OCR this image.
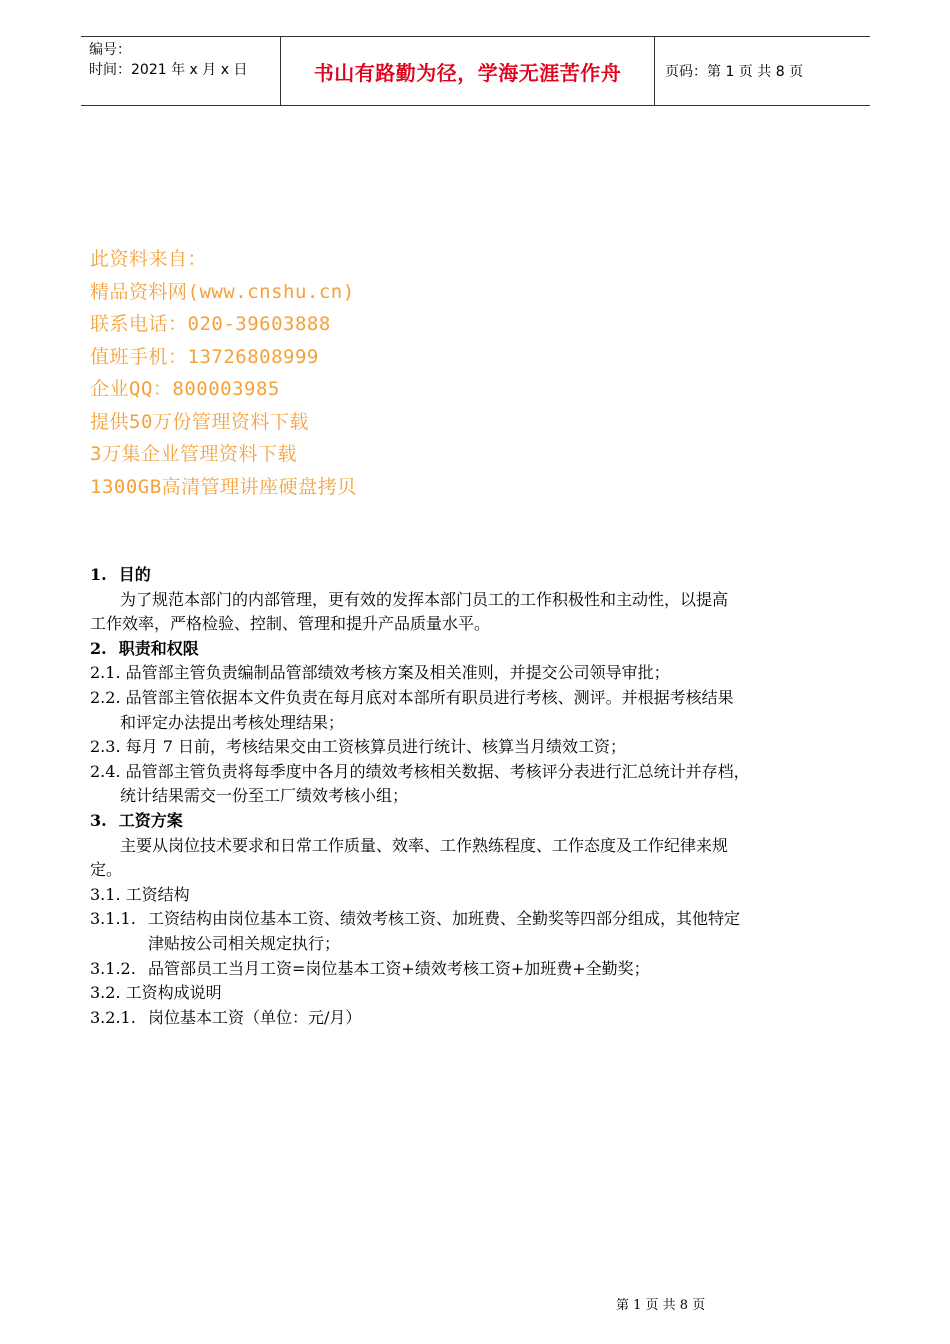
编号：
时间：2021 年 x 月 x 日	书山有路勤为径，学海无涯苦作舟	页码：第 1 页 共 8 页
此资料来自：
精品资料网(www.cnshu.cn)
联系电话：020-39603888
值班手机：13726808999
企业QQ：800003985
提供50万份管理资料下载
3万集企业管理资料下载
1300GB高清管理讲座硬盘拷贝
1. 目的
为了规范本部门的内部管理，更有效的发挥本部门员工的工作积极性和主动性，以提高
工作效率，严格检验、控制、管理和提升产品质量水平。
2. 职责和权限
2.1. 品管部主管负责编制品管部绩效考核方案及相关准则，并提交公司领导审批；
2.2. 品管部主管依据本文件负责在每月底对本部所有职员进行考核、测评。并根据考核结果
和评定办法提出考核处理结果；
2.3. 每月 7 日前，考核结果交由工资核算员进行统计、核算当月绩效工资；
2.4. 品管部主管负责将每季度中各月的绩效考核相关数据、考核评分表进行汇总统计并存档，
统计结果需交一份至工厂绩效考核小组；
3. 工资方案
主要从岗位技术要求和日常工作质量、效率、工作熟练程度、工作态度及工作纪律来规
定。
3.1. 工资结构
3.1.1. 工资结构由岗位基本工资、绩效考核工资、加班费、全勤奖等四部分组成，其他特定
津贴按公司相关规定执行；
3.1.2. 品管部员工当月工资=岗位基本工资+绩效考核工资+加班费+全勤奖；
3.2. 工资构成说明
3.2.1. 岗位基本工资（单位：元/月）
第 1 页 共 8 页
